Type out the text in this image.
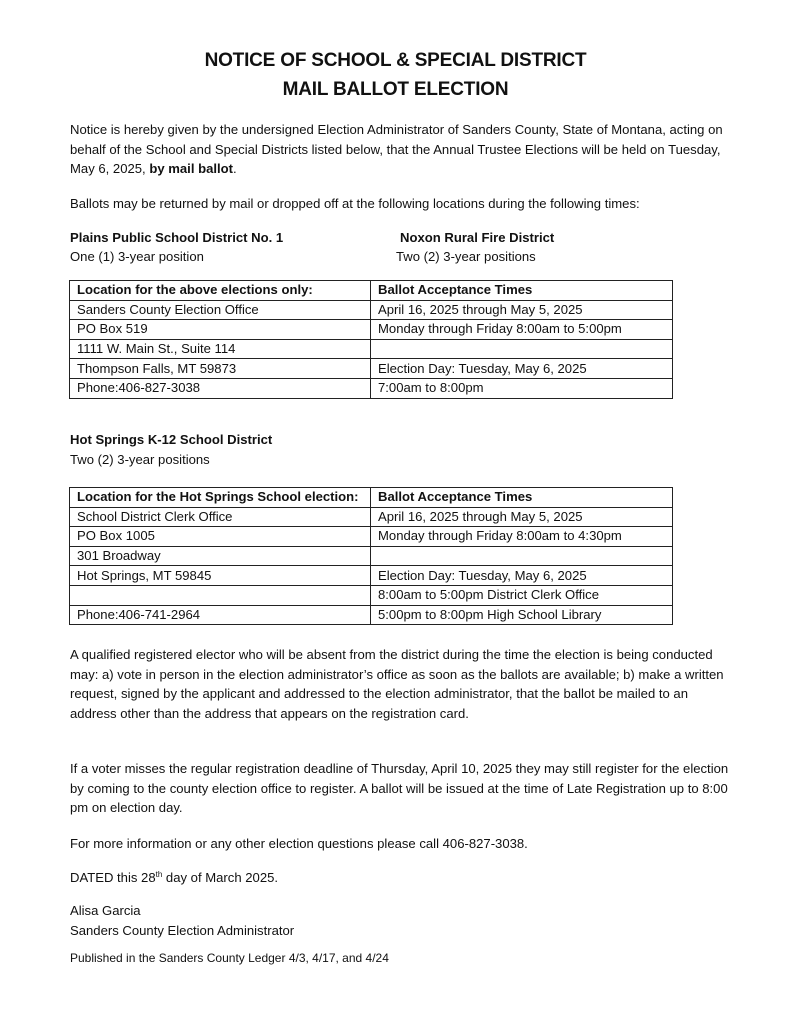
NOTICE OF SCHOOL & SPECIAL DISTRICT
MAIL BALLOT ELECTION
Notice is hereby given by the undersigned Election Administrator of Sanders County, State of Montana, acting on behalf of the School and Special Districts listed below, that the Annual Trustee Elections will be held on Tuesday, May 6, 2025, by mail ballot.
Ballots may be returned by mail or dropped off at the following locations during the following times:
Plains Public School District No. 1
One (1) 3-year position
Noxon Rural Fire District
Two (2) 3-year positions
Location for the above elections only:	Ballot Acceptance Times
Sanders County Election Office	April 16, 2025 through May 5, 2025
PO Box 519	Monday through Friday 8:00am to 5:00pm
1111 W. Main St., Suite 114	
Thompson Falls, MT 59873	Election Day: Tuesday, May 6, 2025
Phone:406-827-3038	7:00am to 8:00pm
Hot Springs K-12 School District
Two (2) 3-year positions
Location for the Hot Springs School election:	Ballot Acceptance Times
School District Clerk Office	April 16, 2025 through May 5, 2025
PO Box 1005	Monday through Friday 8:00am to 4:30pm
301 Broadway	
Hot Springs, MT 59845	Election Day: Tuesday, May 6, 2025
	8:00am to 5:00pm District Clerk Office
Phone:406-741-2964	5:00pm to 8:00pm High School Library
A qualified registered elector who will be absent from the district during the time the election is being conducted may: a) vote in person in the election administrator’s office as soon as the ballots are available; b) make a written request, signed by the applicant and addressed to the election administrator, that the ballot be mailed to an address other than the address that appears on the registration card.
If a voter misses the regular registration deadline of Thursday, April 10, 2025 they may still register for the election by coming to the county election office to register. A ballot will be issued at the time of Late Registration up to 8:00 pm on election day.
For more information or any other election questions please call 406-827-3038.
DATED this 28th day of March 2025.
Alisa Garcia
Sanders County Election Administrator
Published in the Sanders County Ledger 4/3, 4/17, and 4/24
